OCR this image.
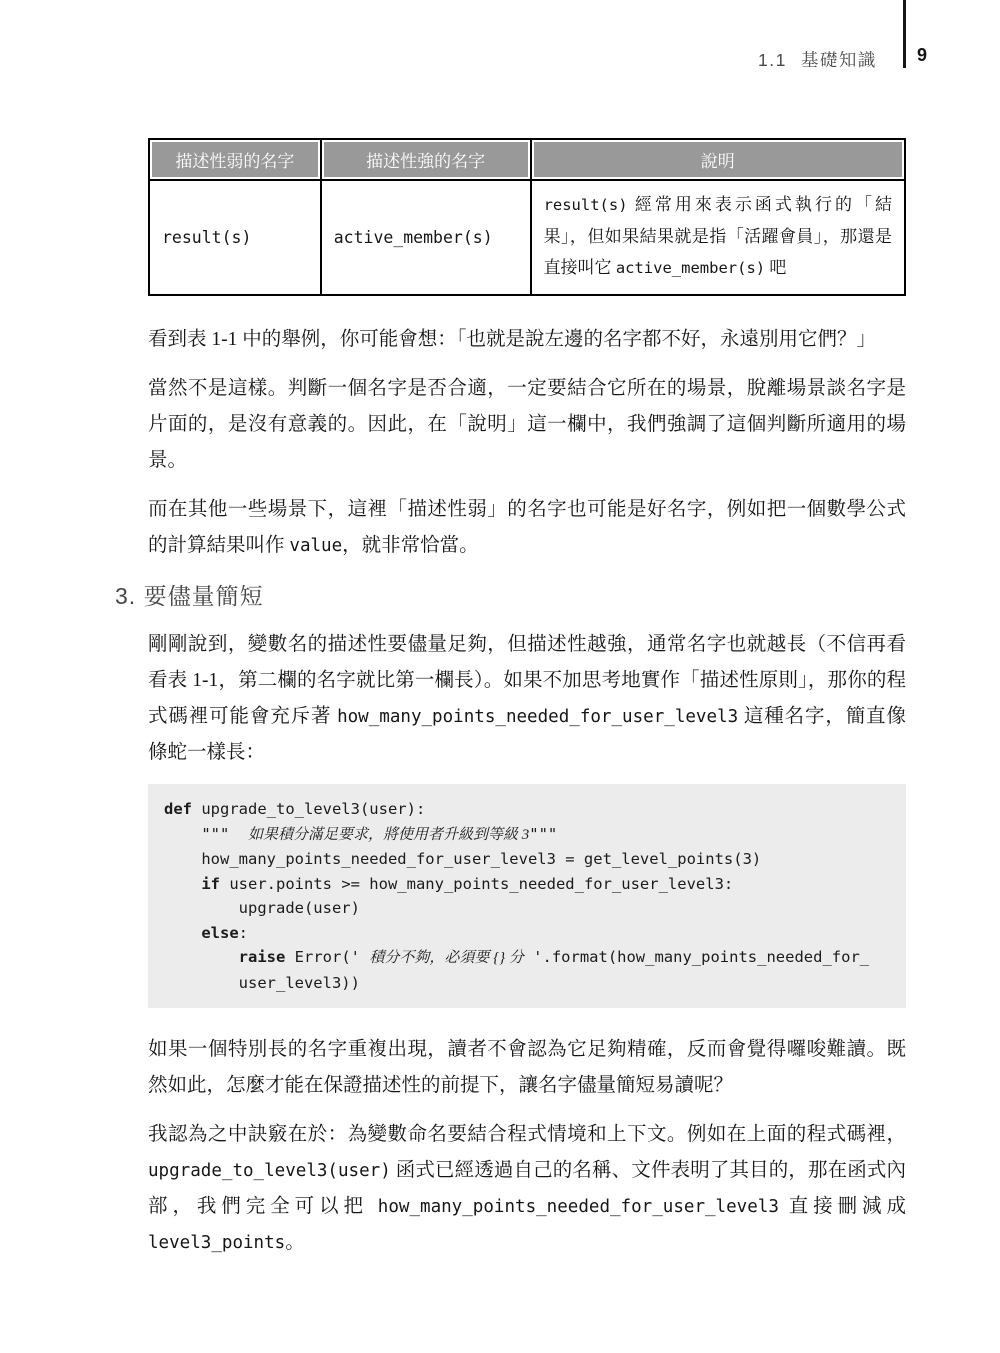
1.1 基礎知識 9
描述性弱的名字	描述性強的名字	說明

result(s)	active_member(s)	result(s) 經常用來表示函式執行的「結果」，但如果結果就是指「活躍會員」，那還是直接叫它 active_member(s) 吧

看到表 1-1 中的舉例，你可能會想：「也就是說左邊的名字都不好，永遠別用它們？」

當然不是這樣。判斷一個名字是否合適，一定要結合它所在的場景，脫離場景談名字是片面的，是沒有意義的。因此，在「說明」這一欄中，我們強調了這個判斷所適用的場景。

而在其他一些場景下，這裡「描述性弱」的名字也可能是好名字，例如把一個數學公式的計算結果叫作 value，就非常恰當。

3. 要儘量簡短

剛剛說到，變數名的描述性要儘量足夠，但描述性越強，通常名字也就越長（不信再看看表 1-1，第二欄的名字就比第一欄長）。如果不加思考地實作「描述性原則」，那你的程式碼裡可能會充斥著 how_many_points_needed_for_user_level3 這種名字，簡直像條蛇一樣長：

def upgrade_to_level3(user):
"""  如果積分滿足要求，將使用者升級到等級 3"""
how_many_points_needed_for_user_level3 = get_level_points(3)
if user.points >= how_many_points_needed_for_user_level3:
upgrade(user)
else:
raise Error(' 積分不夠，必須要 {} 分 '.format(how_many_points_needed_for_
user_level3))

如果一個特別長的名字重複出現，讀者不會認為它足夠精確，反而會覺得囉唆難讀。既然如此，怎麼才能在保證描述性的前提下，讓名字儘量簡短易讀呢？

我認為之中訣竅在於：為變數命名要結合程式情境和上下文。例如在上面的程式碼裡，upgrade_to_level3(user) 函式已經透過自己的名稱、文件表明了其目的，那在函式內部，我們完全可以把 how_many_points_needed_for_user_level3 直接刪減成 level3_points。
